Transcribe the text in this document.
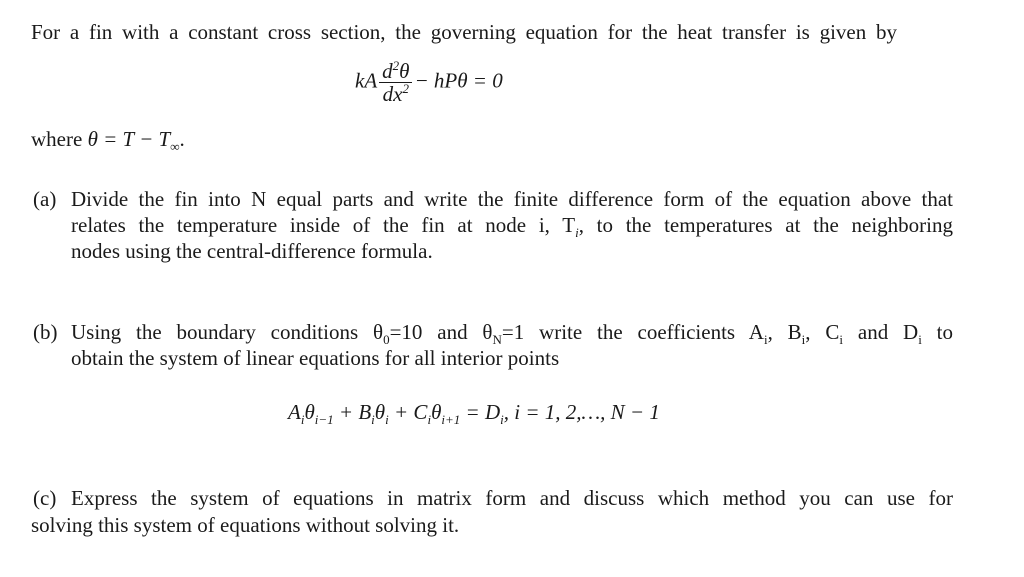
For a fin with a constant cross section, the governing equation for the heat transfer is given by
kA $\frac{d^2\theta}{dx^2} - hP\theta = 0$
where $\theta = T - T_\infty$.
(a) Divide the fin into N equal parts and write the finite difference form of the equation above that
relates the temperature inside of the fin at node i, $T_i$, to the temperatures at the neighboring
nodes using the central-difference formula.
(b) Using the boundary conditions $\theta_0=10$ and $\theta_N=1$ write the coefficients $A_i$, $B_i$, $C_i$ and $D_i$ to
obtain the system of linear equations for all interior points
$A_i\theta_{i-1} + B_i\theta_i + C_i\theta_{i+1} = D_i$, i = 1, 2,…, N − 1
(c) Express the system of equations in matrix form and discuss which method you can use for
solving this system of equations without solving it.
